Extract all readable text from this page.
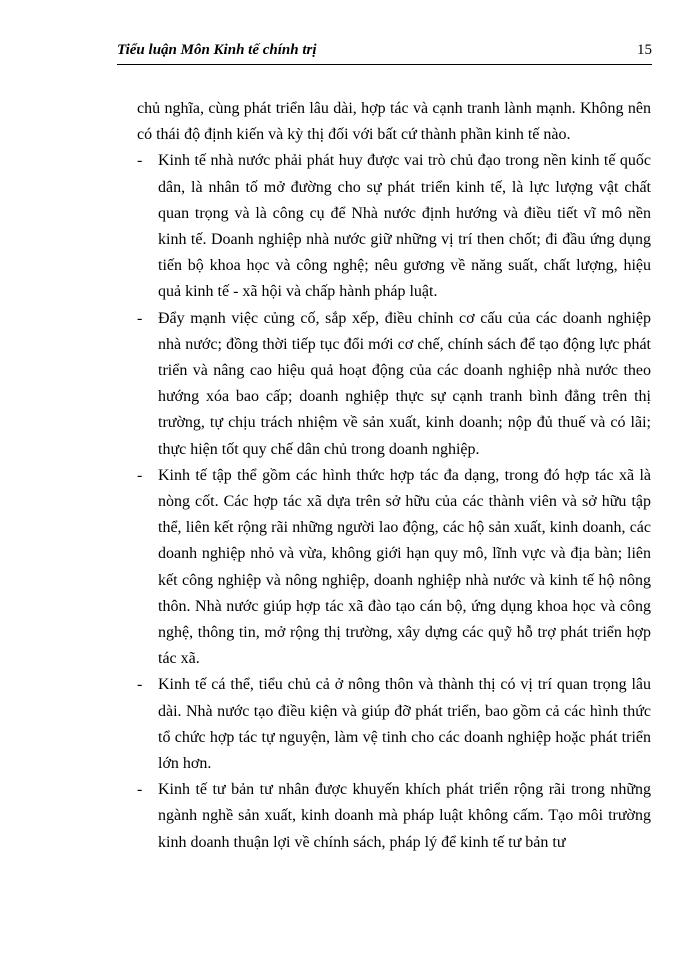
Tiểu luận Môn Kinh tế chính trị	15

chủ nghĩa, cùng phát triển lâu dài, hợp tác và cạnh tranh lành mạnh. Không nên có thái độ định kiến và kỳ thị đối với bất cứ thành phần kinh tế nào.

- Kinh tế nhà nước phải phát huy được vai trò chủ đạo trong nền kinh tế quốc dân, là nhân tố mở đường cho sự phát triển kinh tế, là lực lượng vật chất quan trọng và là công cụ để Nhà nước định hướng và điều tiết vĩ mô nền kinh tế. Doanh nghiệp nhà nước giữ những vị trí then chốt; đi đầu ứng dụng tiến bộ khoa học và công nghệ; nêu gương về năng suất, chất lượng, hiệu quả kinh tế - xã hội và chấp hành pháp luật.
- Đẩy mạnh việc củng cố, sắp xếp, điều chỉnh cơ cấu của các doanh nghiệp nhà nước; đồng thời tiếp tục đổi mới cơ chế, chính sách để tạo động lực phát triển và nâng cao hiệu quả hoạt động của các doanh nghiệp nhà nước theo hướng xóa bao cấp; doanh nghiệp thực sự cạnh tranh bình đẳng trên thị trường, tự chịu trách nhiệm về sản xuất, kinh doanh; nộp đủ thuế và có lãi; thực hiện tốt quy chế dân chủ trong doanh nghiệp.
- Kinh tế tập thể gồm các hình thức hợp tác đa dạng, trong đó hợp tác xã là nòng cốt. Các hợp tác xã dựa trên sở hữu của các thành viên và sở hữu tập thể, liên kết rộng rãi những người lao động, các hộ sản xuất, kinh doanh, các doanh nghiệp nhỏ và vừa, không giới hạn quy mô, lĩnh vực và địa bàn; liên kết công nghiệp và nông nghiệp, doanh nghiệp nhà nước và kinh tế hộ nông thôn. Nhà nước giúp hợp tác xã đào tạo cán bộ, ứng dụng khoa học và công nghệ, thông tin, mở rộng thị trường, xây dựng các quỹ hỗ trợ phát triển hợp tác xã.
- Kinh tế cá thể, tiểu chủ cả ở nông thôn và thành thị có vị trí quan trọng lâu dài. Nhà nước tạo điều kiện và giúp đỡ phát triển, bao gồm cả các hình thức tổ chức hợp tác tự nguyện, làm vệ tinh cho các doanh nghiệp hoặc phát triển lớn hơn.
- Kinh tế tư bản tư nhân được khuyến khích phát triển rộng rãi trong những ngành nghề sản xuất, kinh doanh mà pháp luật không cấm. Tạo môi trường kinh doanh thuận lợi về chính sách, pháp lý để kinh tế tư bản tư
